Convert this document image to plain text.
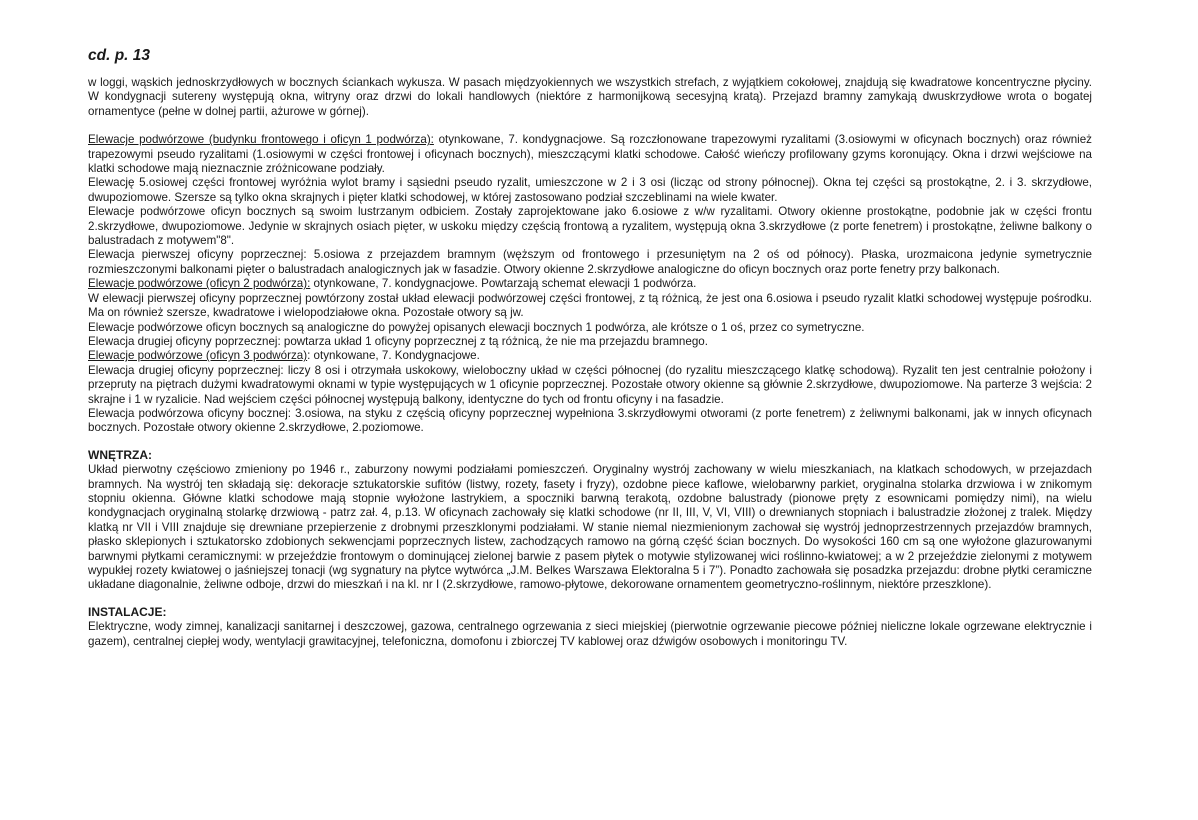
cd. p. 13

w loggi, wąskich jednoskrzydłowych w bocznych ściankach wykusza. W pasach międzyokiennych we wszystkich strefach, z wyjątkiem cokołowej, znajdują się kwadratowe koncentryczne płyciny. W kondygnacji sutereny występują okna, witryny oraz drzwi do lokali handlowych (niektóre z harmonijkową secesyjną kratą). Przejazd bramny zamykają dwuskrzydłowe wrota o bogatej ornamentyce (pełne w dolnej partii, ażurowe w górnej).

Elewacje podwórzowe (budynku frontowego i oficyn 1 podwórza): otynkowane, 7. kondygnacjowe. Są rozczłonowane trapezowymi ryzalitami (3.osiowymi w oficynach bocznych) oraz również trapezowymi pseudo ryzalitami (1.osiowymi w części frontowej i oficynach bocznych), mieszczącymi klatki schodowe. Całość wieńczy profilowany gzyms koronujący. Okna i drzwi wejściowe na klatki schodowe mają nieznacznie zróżnicowane podziały.

Elewację 5.osiowej części frontowej wyróżnia wylot bramy i sąsiedni pseudo ryzalit, umieszczone w 2 i 3 osi (licząc od strony północnej). Okna tej części są prostokątne, 2. i 3. skrzydłowe, dwupoziomowe. Szersze są tylko okna skrajnych i pięter klatki schodowej, w której zastosowano podział szczeblinami na wiele kwater.

Elewacje podwórzowe oficyn bocznych są swoim lustrzanym odbiciem. Zostały zaprojektowane jako 6.osiowe z w/w ryzalitami. Otwory okienne prostokątne, podobnie jak w części frontu 2.skrzydłowe, dwupoziomowe. Jedynie w skrajnych osiach pięter, w uskoku między częścią frontową a ryzalitem, występują okna 3.skrzydłowe (z porte fenetrem) i prostokątne, żeliwne balkony o balustradach z motywem"8".

Elewacja pierwszej oficyny poprzecznej: 5.osiowa z przejazdem bramnym (węższym od frontowego i przesuniętym na 2 oś od północy). Płaska, urozmaicona jedynie symetrycznie rozmieszczonymi balkonami pięter o balustradach analogicznych jak w fasadzie. Otwory okienne 2.skrzydłowe analogiczne do oficyn bocznych oraz porte fenetry przy balkonach.

Elewacje podwórzowe (oficyn 2 podwórza): otynkowane, 7. kondygnacjowe. Powtarzają schemat elewacji 1 podwórza.

W elewacji pierwszej oficyny poprzecznej powtórzony został układ elewacji podwórzowej części frontowej, z tą różnicą, że jest ona 6.osiowa i pseudo ryzalit klatki schodowej występuje pośrodku. Ma on również szersze, kwadratowe i wielopodziałowe okna. Pozostałe otwory są jw.

Elewacje podwórzowe oficyn bocznych są analogiczne do powyżej opisanych elewacji bocznych 1 podwórza, ale krótsze o 1 oś, przez co symetryczne.

Elewacja drugiej oficyny poprzecznej: powtarza układ 1 oficyny poprzecznej z tą różnicą, że nie ma przejazdu bramnego.

Elewacje podwórzowe (oficyn 3 podwórza): otynkowane, 7. Kondygnacjowe.

Elewacja drugiej oficyny poprzecznej: liczy 8 osi i otrzymała uskokowy, wieloboczny układ w części północnej (do ryzalitu mieszczącego klatkę schodową). Ryzalit ten jest centralnie położony i przepruty na piętrach dużymi kwadratowymi oknami w typie występujących w 1 oficynie poprzecznej. Pozostałe otwory okienne są głównie 2.skrzydłowe, dwupoziomowe. Na parterze 3 wejścia: 2 skrajne i 1 w ryzalicie. Nad wejściem części północnej występują balkony, identyczne do tych od frontu oficyny i na fasadzie.

Elewacja podwórzowa oficyny bocznej: 3.osiowa, na styku z częścią oficyny poprzecznej wypełniona 3.skrzydłowymi otworami (z porte fenetrem) z żeliwnymi balkonami, jak w innych oficynach bocznych. Pozostałe otwory okienne 2.skrzydłowe, 2.poziomowe.

WNĘTRZA:

Układ pierwotny częściowo zmieniony po 1946 r., zaburzony nowymi podziałami pomieszczeń. Oryginalny wystrój zachowany w wielu mieszkaniach, na klatkach schodowych, w przejazdach bramnych. Na wystrój ten składają się: dekoracje sztukatorskie sufitów (listwy, rozety, fasety i fryzy), ozdobne piece kaflowe, wielobarwny parkiet, oryginalna stolarka drzwiowa i w znikomym stopniu okienna. Główne klatki schodowe mają stopnie wyłożone lastrykiem, a spoczniki barwną terakotą, ozdobne balustrady (pionowe pręty z esownicami pomiędzy nimi), na wielu kondygnacjach oryginalną stolarkę drzwiową - patrz zał. 4, p.13. W oficynach zachowały się klatki schodowe (nr II, III, V, VI, VIII) o drewnianych stopniach i balustradzie złożonej z tralek. Między klatką nr VII i VIII znajduje się drewniane przepierzenie z drobnymi przeszklonymi podziałami. W stanie niemal niezmienionym zachował się wystrój jednoprzestrzennych przejazdów bramnych, płasko sklepionych i sztukatorsko zdobionych sekwencjami poprzecznych listew, zachodzących ramowo na górną część ścian bocznych. Do wysokości 160 cm są one wyłożone glazurowanymi barwnymi płytkami ceramicznymi: w przejeździe frontowym o dominującej zielonej barwie z pasem płytek o motywie stylizowanej wici roślinno-kwiatowej; a w 2 przejeździe zielonymi z motywem wypukłej rozety kwiatowej o jaśniejszej tonacji (wg sygnatury na płytce wytwórca „J.M. Belkes Warszawa Elektoralna 5 i 7”). Ponadto zachowała się posadzka przejazdu: drobne płytki ceramiczne układane diagonalnie, żeliwne odboje, drzwi do mieszkań i na kl. nr I (2.skrzydłowe, ramowo-płytowe, dekorowane ornamentem geometryczno-roślinnym, niektóre przeszklone).

INSTALACJE:

Elektryczne, wody zimnej, kanalizacji sanitarnej i deszczowej, gazowa, centralnego ogrzewania z sieci miejskiej (pierwotnie ogrzewanie piecowe później nieliczne lokale ogrzewane elektrycznie i gazem), centralnej ciepłej wody, wentylacji grawitacyjnej, telefoniczna, domofonu i zbiorczej TV kablowej oraz dźwigów osobowych i monitoringu TV.
